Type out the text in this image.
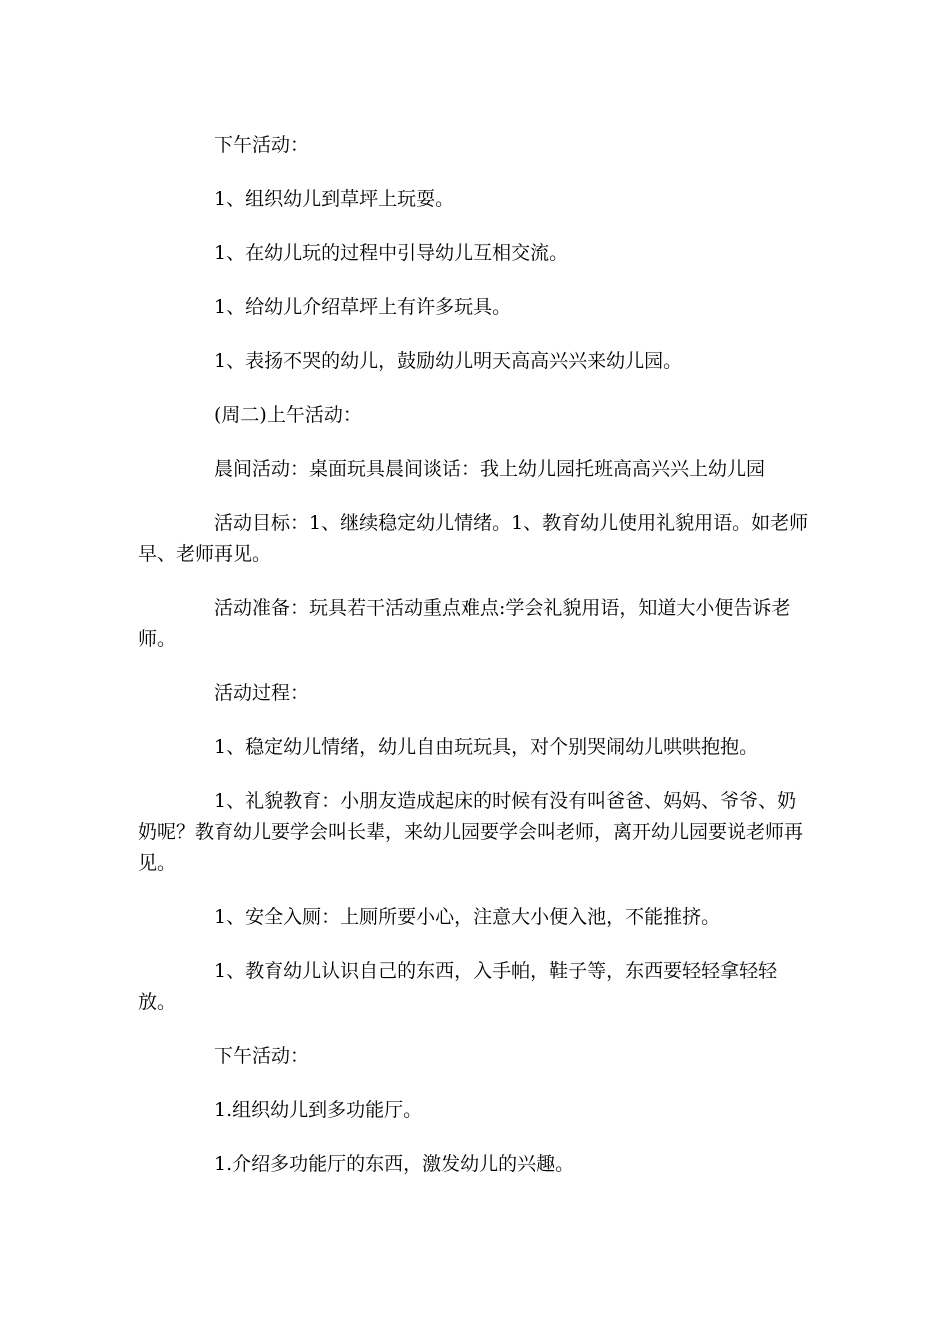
下午活动：

1、组织幼儿到草坪上玩耍。

1、在幼儿玩的过程中引导幼儿互相交流。

1、给幼儿介绍草坪上有许多玩具。

1、表扬不哭的幼儿，鼓励幼儿明天高高兴兴来幼儿园。

(周二)上午活动：

晨间活动：桌面玩具晨间谈话：我上幼儿园托班高高兴兴上幼儿园

活动目标：1、继续稳定幼儿情绪。1、教育幼儿使用礼貌用语。如老师早、老师再见。

活动准备：玩具若干活动重点难点:学会礼貌用语，知道大小便告诉老师。

活动过程：

1、稳定幼儿情绪，幼儿自由玩玩具，对个别哭闹幼儿哄哄抱抱。

1、礼貌教育：小朋友造成起床的时候有没有叫爸爸、妈妈、爷爷、奶奶呢？教育幼儿要学会叫长辈，来幼儿园要学会叫老师，离开幼儿园要说老师再见。

1、安全入厕：上厕所要小心，注意大小便入池，不能推挤。

1、教育幼儿认识自己的东西，入手帕，鞋子等，东西要轻轻拿轻轻放。

下午活动：

1.组织幼儿到多功能厅。

1.介绍多功能厅的东西，激发幼儿的兴趣。
